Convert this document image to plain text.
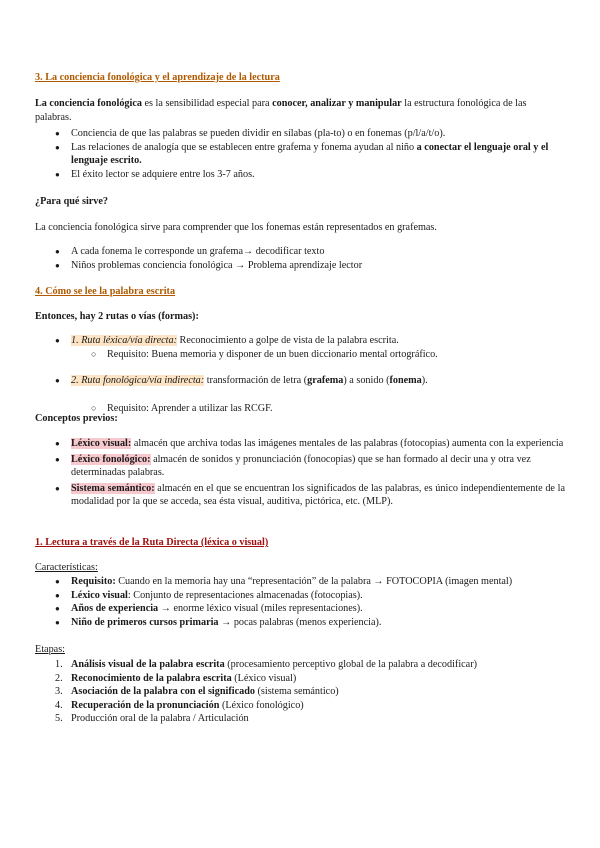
3. La conciencia fonológica y el aprendizaje de la lectura
La conciencia fonológica es la sensibilidad especial para conocer, analizar y manipular la estructura fonológica de las palabras.
● Conciencia de que las palabras se pueden dividir en sílabas (pla-to) o en fonemas (p/l/a/t/o).
● Las relaciones de analogía que se establecen entre grafema y fonema ayudan al niño a conectar el lenguaje oral y el lenguaje escrito.
● El éxito lector se adquiere entre los 3-7 años.
¿Para qué sirve?
La conciencia fonológica sirve para comprender que los fonemas están representados en grafemas.
● A cada fonema le corresponde un grafema→ decodificar texto
● Niños problemas conciencia fonológica → Problema aprendizaje lector
4. Cómo se lee la palabra escrita
Entonces, hay 2 rutas o vías (formas):
● 1. Ruta léxica/vía directa: Reconocimiento a golpe de vista de la palabra escrita.
○ Requisito: Buena memoria y disponer de un buen diccionario mental ortográfico.
● 2. Ruta fonológica/vía indirecta: transformación de letra (grafema) a sonido (fonema).
○ Requisito: Aprender a utilizar las RCGF.
Conceptos previos:
● Léxico visual: almacén que archiva todas las imágenes mentales de las palabras (fotocopias) aumenta con la experiencia
● Léxico fonológico: almacén de sonidos y pronunciación (fonocopias) que se han formado al decir una y otra vez determinadas palabras.
● Sistema semántico: almacén en el que se encuentran los significados de las palabras, es único independientemente de la modalidad por la que se acceda, sea ésta visual, auditiva, pictórica, etc. (MLP).
1. Lectura a través de la Ruta Directa (léxica o visual)
Características:
● Requisito: Cuando en la memoria hay una “representación” de la palabra → FOTOCOPIA (imagen mental)
● Léxico visual: Conjunto de representaciones almacenadas (fotocopias).
● Años de experiencia → enorme léxico visual (miles representaciones).
● Niño de primeros cursos primaria → pocas palabras (menos experiencia).
Etapas:
1. Análisis visual de la palabra escrita (procesamiento perceptivo global de la palabra a decodificar)
2. Reconocimiento de la palabra escrita (Léxico visual)
3. Asociación de la palabra con el significado (sistema semántico)
4. Recuperación de la pronunciación (Léxico fonológico)
5. Producción oral de la palabra / Articulación
